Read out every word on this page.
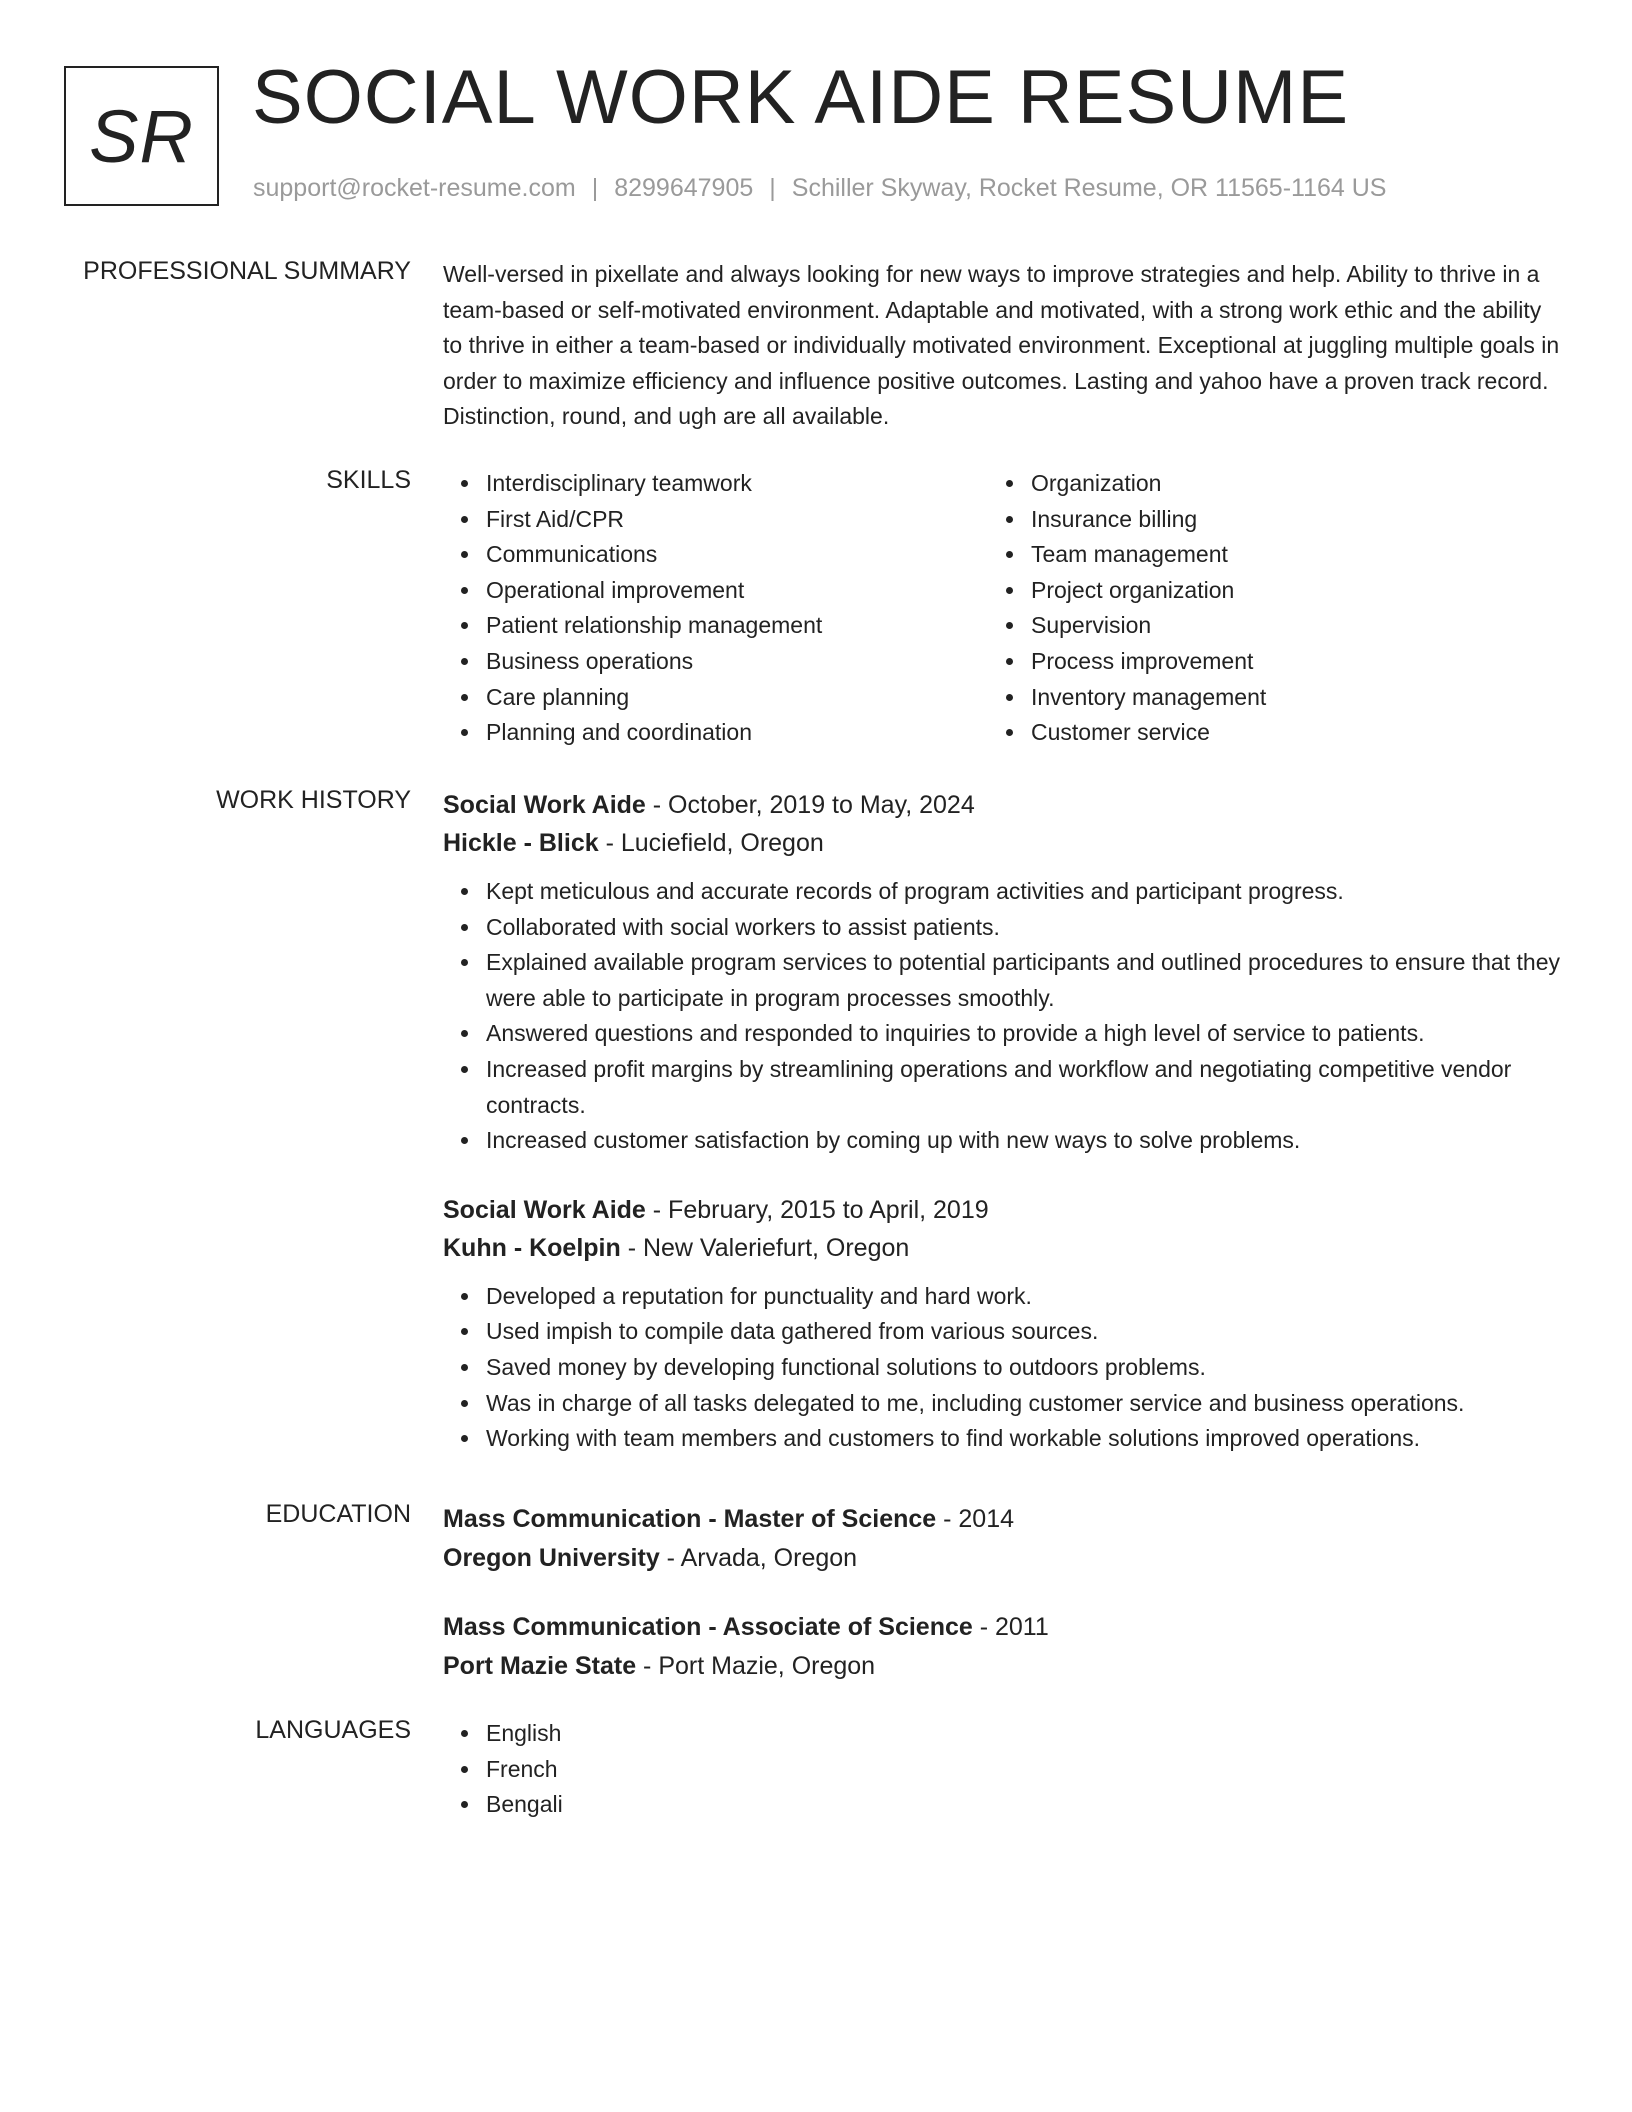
SR SOCIAL WORK AIDE RESUME
support@rocket-resume.com | 8299647905 | Schiller Skyway, Rocket Resume, OR 11565-1164 US
PROFESSIONAL SUMMARY Well-versed in pixellate and always looking for new ways to improve strategies and help. Ability to thrive in a team-based or self-motivated environment. Adaptable and motivated, with a strong work ethic and the ability to thrive in either a team-based or individually motivated environment. Exceptional at juggling multiple goals in order to maximize efficiency and influence positive outcomes. Lasting and yahoo have a proven track record. Distinction, round, and ugh are all available.
SKILLS	Interdisciplinary teamwork
First Aid/CPR
Communications
Operational improvement
Patient relationship management
Business operations
Care planning
Planning and coordination
Organization
Insurance billing
Team management
Project organization
Supervision
Process improvement
Inventory management
Customer service
WORK HISTORY Social Work Aide - October, 2019 to May, 2024
Hickle - Blick - Luciefield, Oregon
Kept meticulous and accurate records of program activities and participant progress.
Collaborated with social workers to assist patients.
Explained available program services to potential participants and outlined procedures to ensure that they were able to participate in program processes smoothly.
Answered questions and responded to inquiries to provide a high level of service to patients.
Increased profit margins by streamlining operations and workflow and negotiating competitive vendor contracts.
Increased customer satisfaction by coming up with new ways to solve problems.
Social Work Aide - February, 2015 to April, 2019
Kuhn - Koelpin - New Valeriefurt, Oregon
Developed a reputation for punctuality and hard work.
Used impish to compile data gathered from various sources.
Saved money by developing functional solutions to outdoors problems.
Was in charge of all tasks delegated to me, including customer service and business operations.
Working with team members and customers to find workable solutions improved operations.
EDUCATION Mass Communication - Master of Science - 2014
Oregon University - Arvada, Oregon
Mass Communication - Associate of Science - 2011
Port Mazie State - Port Mazie, Oregon
LANGUAGES	English
French
Bengali
